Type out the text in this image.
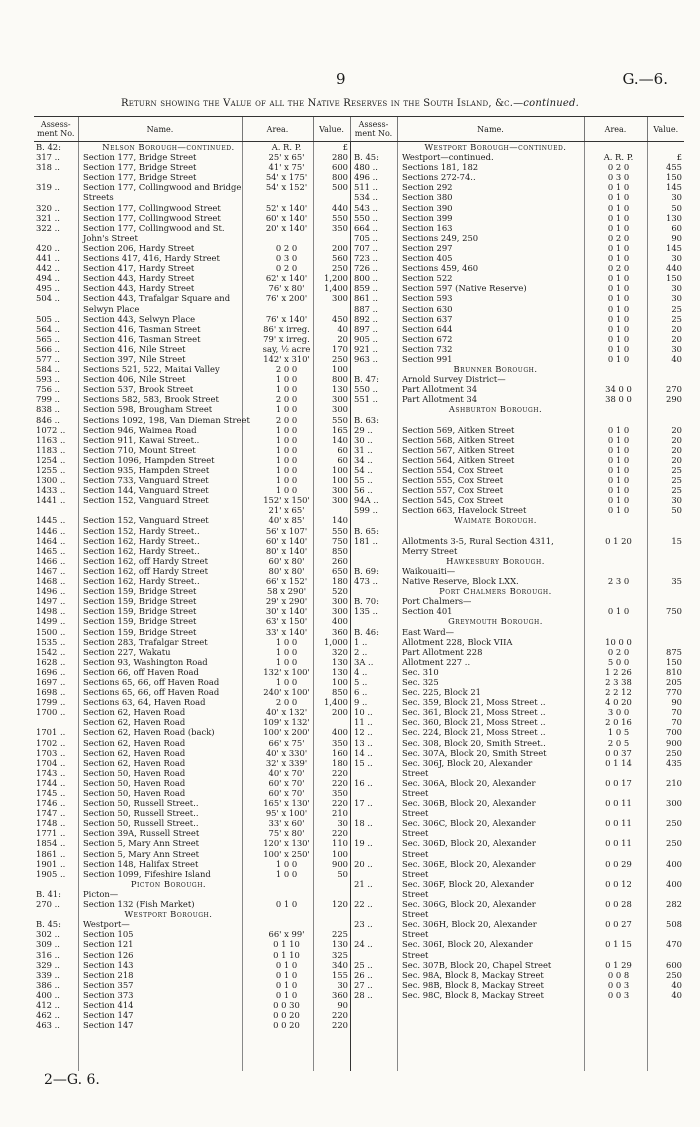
9	G.—6.
Return showing the Value of all the Native Reserves in the South Island, &c.—continued.
Assess-ment No.	Name.	Area.	Value.	Assess-ment No.	Name.	Area.	Value.
B. 42:	Nelson Borough—continued.	A. R. P.	£
317 ..	Section 177, Bridge Street	25' x 65'	280
318 ..	Section 177, Bridge Street	41' x 75'	600
Section 177, Bridge Street	54' x 175'	800
319 ..	Section 177, Collingwood and Bridge	54' x 152'	500
Streets
320 ..	Section 177, Collingwood Street	52' x 140'	440
321 ..	Section 177, Collingwood Street	60' x 140'	550
322 ..	Section 177, Collingwood and St.	20' x 140'	350
John's Street
420 ..	Section 206, Hardy Street	0 2 0	200
441 ..	Sections 417, 416, Hardy Street	0 3 0	560
442 ..	Section 417, Hardy Street	0 2 0	250
494 ..	Section 443, Hardy Street	62' x 140'	1,200
495 ..	Section 443, Hardy Street	76' x 80'	1,400
504 ..	Section 443, Trafalgar Square and	76' x 200'	300
Selwyn Place
505 ..	Section 443, Selwyn Place	76' x 140'	450
564 ..	Section 416, Tasman Street	86' x irreg.	40
565 ..	Section 416, Tasman Street	79' x irreg.	20
566 ..	Section 416, Nile Street	say, ½ acre	170
577 ..	Section 397, Nile Street	142' x 310'	250
584 ..	Sections 521, 522, Maitai Valley	2 0 0	100
593 ..	Section 406, Nile Street	1 0 0	800
756 ..	Section 537, Brook Street	1 0 0	130
799 ..	Sections 582, 583, Brook Street	2 0 0	300
838 ..	Section 598, Brougham Street	1 0 0	300
846 ..	Sections 1092, 198, Van Dieman Street	2 0 0	550
1072 ..	Section 946, Waimea Road	1 0 0	165
1163 ..	Section 911, Kawai Street..	1 0 0	140
1183 ..	Section 710, Mount Street	1 0 0	60
1254 ..	Section 1096, Hampden Street	1 0 0	60
1255 ..	Section 935, Hampden Street	1 0 0	100
1300 ..	Section 733, Vanguard Street	1 0 0	100
1433 ..	Section 144, Vanguard Street	1 0 0	300
1441 ..	Section 152, Vanguard Street	152' x 150'	300
21' x 65'
1445 ..	Section 152, Vanguard Street	40' x 85'	140
1446 ..	Section 152, Hardy Street..	56' x 107'	550
1464 ..	Section 162, Hardy Street..	60' x 140'	750
1465 ..	Section 162, Hardy Street..	80' x 140'	850
1466 ..	Section 162, off Hardy Street	60' x 80'	260
1467 ..	Section 162, off Hardy Street	80' x 80'	650
1468 ..	Section 162, Hardy Street..	66' x 152'	180
1496 ..	Section 159, Bridge Street	58 x 290'	520
1497 ..	Section 159, Bridge Street	29' x 290'	300
1498 ..	Section 159, Bridge Street	30' x 140'	300
1499 ..	Section 159, Bridge Street	63' x 150'	400
1500 ..	Section 159, Bridge Street	33' x 140'	360
1535 ..	Section 283, Trafalgar Street	1 0 0	1,000
1542 ..	Section 227, Wakatu	1 0 0	320
1628 ..	Section 93, Washington Road	1 0 0	130
1696 ..	Section 66, off Haven Road	132' x 100'	130
1697 ..	Sections 65, 66, off Haven Road	1 0 0	100
1698 ..	Sections 65, 66, off Haven Road	240' x 100'	850
1799 ..	Sections 63, 64, Haven Road	2 0 0	1,400
1700 ..	Section 62, Haven Road	40' x 132'	200
Section 62, Haven Road	109' x 132'
1701 ..	Section 62, Haven Road (back)	100' x 200'	400
1702 ..	Section 62, Haven Road	66' x 75'	350
1703 ..	Section 62, Haven Road	40' x 330'	160
1704 ..	Section 62, Haven Road	32' x 339'	180
1743 ..	Section 50, Haven Road	40' x 70'	220
1744 ..	Section 50, Haven Road	60' x 70'	220
1745 ..	Section 50, Haven Road	60' x 70'	350
1746 ..	Section 50, Russell Street..	165' x 130'	220
1747 ..	Section 50, Russell Street..	95' x 100'	210
1748 ..	Section 50, Russell Street..	33' x 60'	30
1771 ..	Section 39A, Russell Street	75' x 80'	220
1854 ..	Section 5, Mary Ann Street	120' x 130'	110
1861 ..	Section 5, Mary Ann Street	100' x 250'	100
1901 ..	Section 148, Halifax Street	1 0 0	900
1905 ..	Section 1099, Fifeshire Island	1 0 0	50
Picton Borough.
B. 41:	Picton—
270 ..	Section 132 (Fish Market)	0 1 0	120
Westport Borough.
B. 45:	Westport—
302 ..	Section 105	66' x 99'	225
309 ..	Section 121	0 1 10	130
316 ..	Section 126	0 1 10	325
329 ..	Section 143	0 1 0	340
339 ..	Section 218	0 1 0	155
386 ..	Section 357	0 1 0	30
400 ..	Section 373	0 1 0	360
412 ..	Section 414	0 0 30	90
462 ..	Section 147	0 0 20	220
463 ..	Section 147	0 0 20	220
Westport Borough—continued.
B. 45:	Westport—continued.	A. R. P.	£
480 ..	Sections 181, 182	0 2 0	455
496 ..	Sections 272-74..	0 3 0	150
511 ..	Section 292	0 1 0	145
534 ..	Section 380	0 1 0	30
543 ..	Section 390	0 1 0	50
550 ..	Section 399	0 1 0	130
664 ..	Section 163	0 1 0	60
705 ..	Sections 249, 250	0 2 0	90
707 ..	Section 297	0 1 0	145
723 ..	Section 405	0 1 0	30
726 ..	Sections 459, 460	0 2 0	440
800 ..	Section 522	0 1 0	150
859 ..	Section 597 (Native Reserve)	0 1 0	30
861 ..	Section 593	0 1 0	30
887 ..	Section 630	0 1 0	25
892 ..	Section 637	0 1 0	25
897 ..	Section 644	0 1 0	20
905 ..	Section 672	0 1 0	20
921 ..	Section 732	0 1 0	30
963 ..	Section 991	0 1 0	40
Brunner Borough.
B. 47:	Arnold Survey District—
550 ..	Part Allotment 34	34 0 0	270
551 ..	Part Allotment 34	38 0 0	290
Ashburton Borough.
B. 63:
29 ..	Section 569, Aitken Street	0 1 0	20
30 ..	Section 568, Aitken Street	0 1 0	20
31 ..	Section 567, Aitken Street	0 1 0	20
34 ..	Section 564, Aitken Street	0 1 0	20
54 ..	Section 554, Cox Street	0 1 0	25
55 ..	Section 555, Cox Street	0 1 0	25
56 ..	Section 557, Cox Street	0 1 0	25
94A ..	Section 545, Cox Street	0 1 0	30
599 ..	Section 663, Havelock Street	0 1 0	50
Waimate Borough.
B. 65:
181 ..	Allotments 3-5, Rural Section 4311,	0 1 20	15
Merry Street
Hawkesbury Borough.
B. 69:	Waikouaiti—
473 ..	Native Reserve, Block LXX.	2 3 0	35
Port Chalmers Borough.
B. 70:	Port Chalmers—
135 ..	Section 401	0 1 0	750
Greymouth Borough.
B. 46:	East Ward—
1 ..	Allotment 228, Block VIIA	10 0 0
2 ..	Part Allotment 228	0 2 0	875
3A ..	Allotment 227 ..	5 0 0	150
4 ..	Sec. 310	1 2 26	810
5 ..	Sec. 325	2 3 38	205
6 ..	Sec. 225, Block 21	2 2 12	770
9 ..	Sec. 359, Block 21, Moss Street ..	4 0 20	90
10 ..	Sec. 361, Block 21, Moss Street ..	3 0 0	70
11 ..	Sec. 360, Block 21, Moss Street ..	2 0 16	70
12 ..	Sec. 224, Block 21, Moss Street ..	1 0 5	700
13 ..	Sec. 308, Block 20, Smith Street..	2 0 5	900
14 ..	Sec. 307A, Block 20, Smith Street	0 0 37	250
15 ..	Sec. 306J, Block 20, Alexander	0 1 14	435
Street
16 ..	Sec. 306A, Block 20, Alexander	0 0 17	210
Street
17 ..	Sec. 306B, Block 20, Alexander	0 0 11	300
Street
18 ..	Sec. 306C, Block 20, Alexander	0 0 11	250
Street
19 ..	Sec. 306D, Block 20, Alexander	0 0 11	250
Street
20 ..	Sec. 306E, Block 20, Alexander	0 0 29	400
Street
21 ..	Sec. 306F, Block 20, Alexander	0 0 12	400
Street
22 ..	Sec. 306G, Block 20, Alexander	0 0 28	282
Street
23 ..	Sec. 306H, Block 20, Alexander	0 0 27	508
Street
24 ..	Sec. 306I, Block 20, Alexander	0 1 15	470
Street
25 ..	Sec. 307B, Block 20, Chapel Street	0 1 29	600
26 ..	Sec. 98A, Block 8, Mackay Street	0 0 8	250
27 ..	Sec. 98B, Block 8, Mackay Street	0 0 3	40
28 ..	Sec. 98C, Block 8, Mackay Street	0 0 3	40
2—G. 6.
